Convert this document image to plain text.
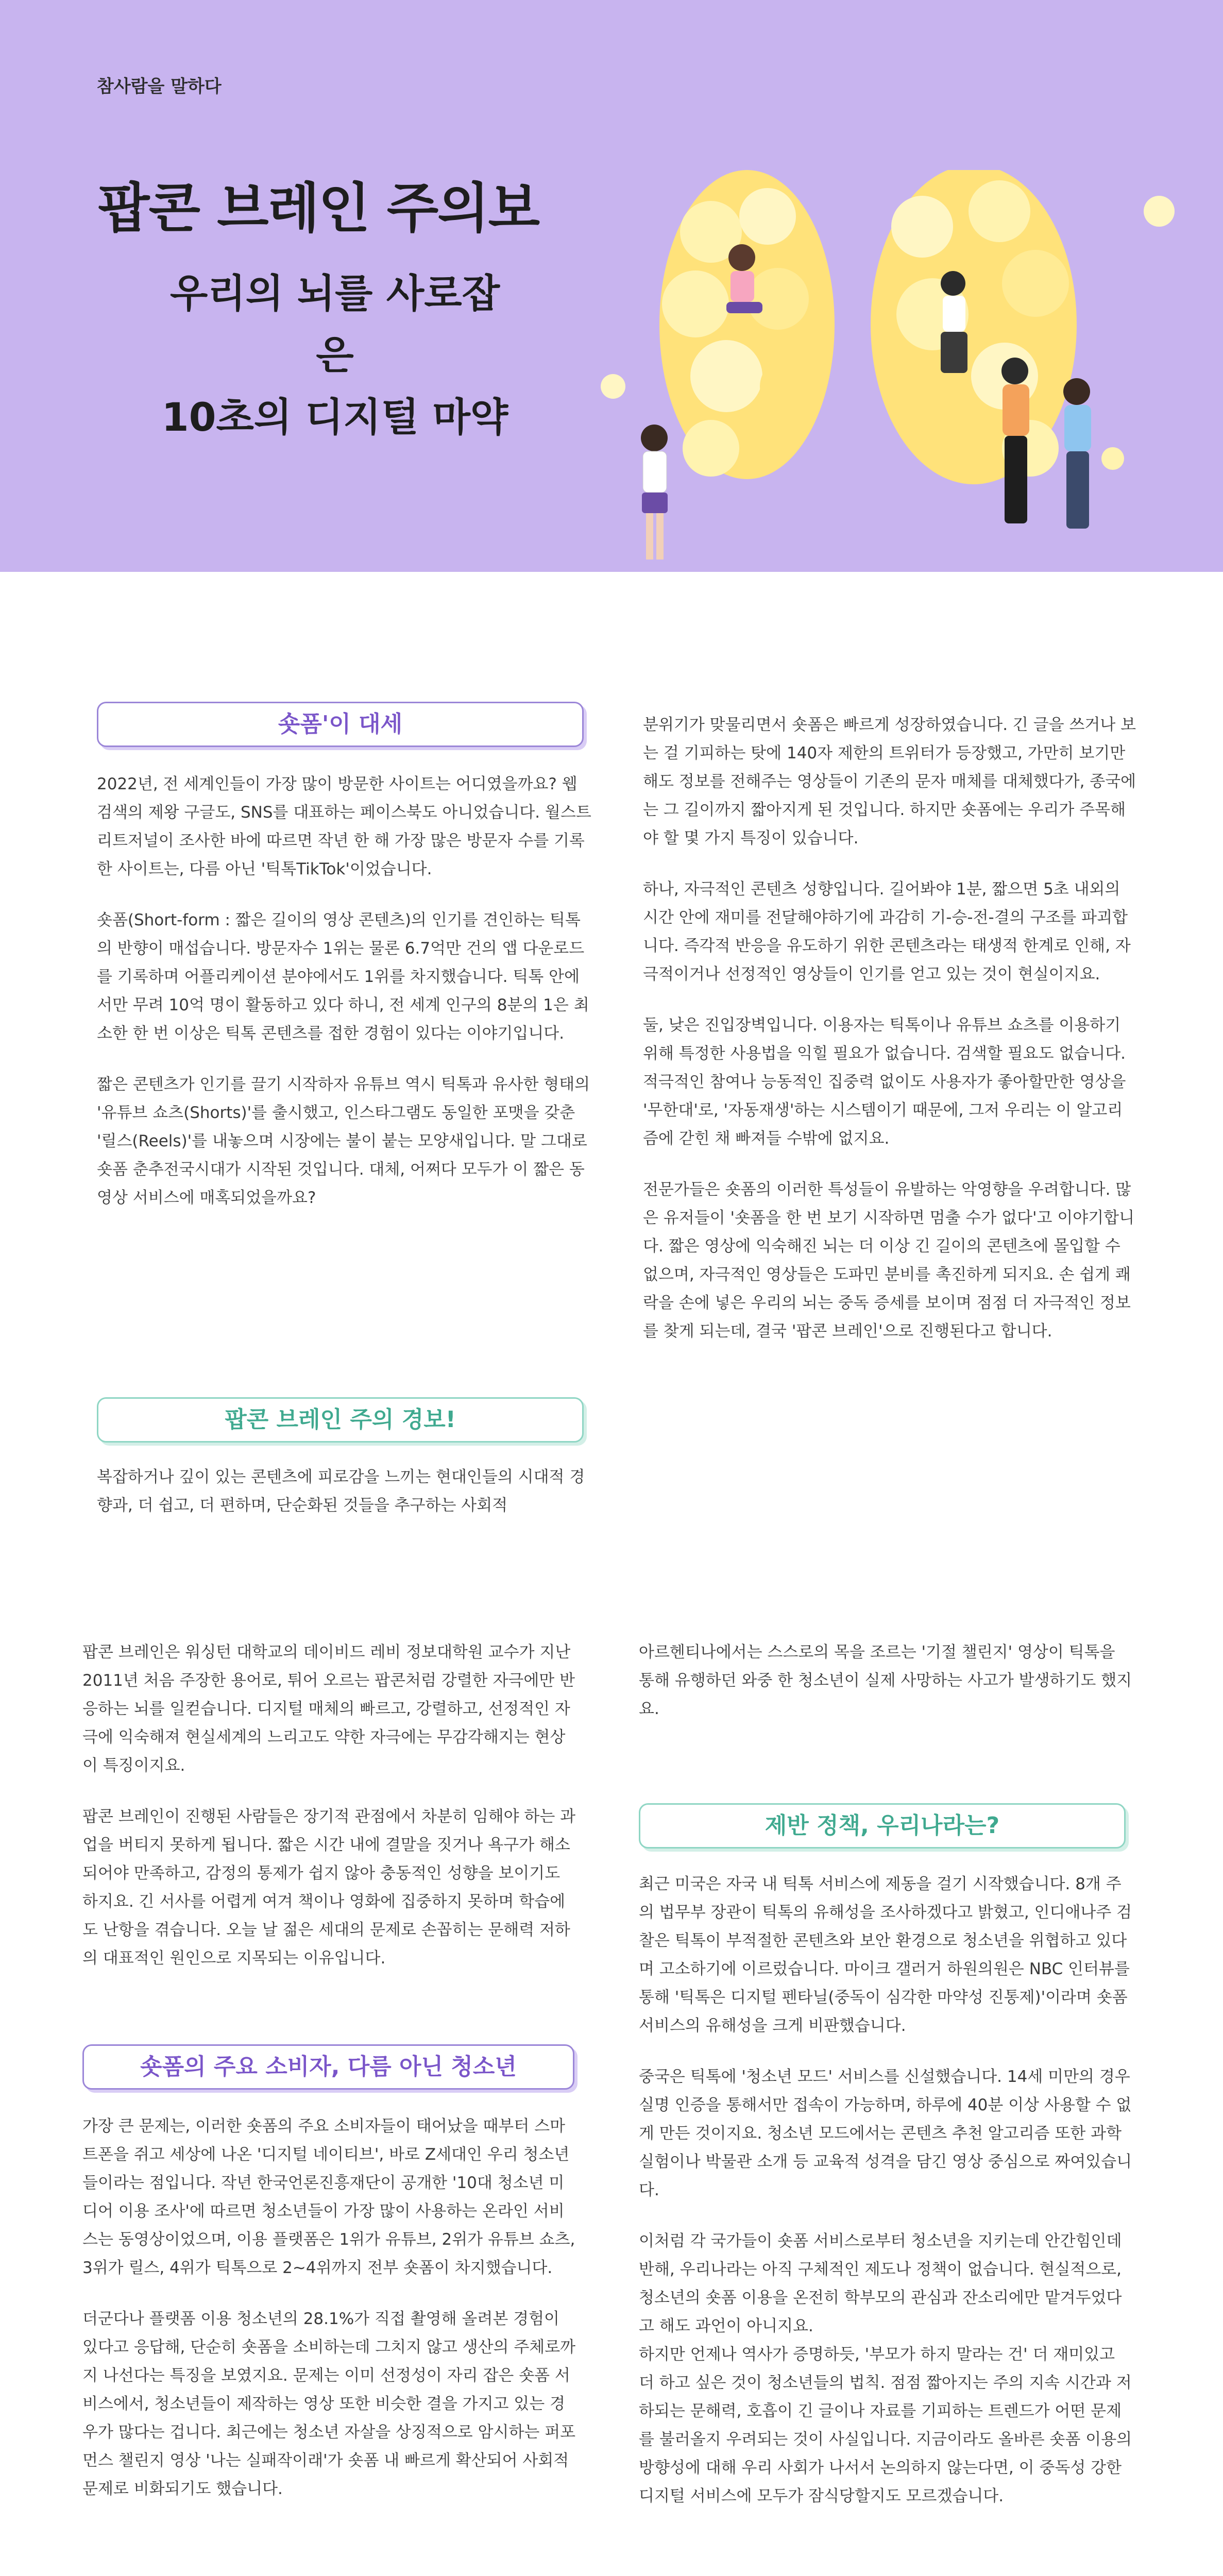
참사람을 말하다
팝콘 브레인 주의보
우리의 뇌를 사로잡은
10초의 디지털 마약
숏폼'이 대세

2022년, 전 세계인들이 가장 많이 방문한 사이트는 어디였을까요? 웹 검색의 제왕 구글도, SNS를 대표하는 페이스북도 아니었습니다. 월스트리트저널이 조사한 바에 따르면 작년 한 해 가장 많은 방문자 수를 기록한 사이트는, 다름 아닌 '틱톡TikTok'이었습니다.

숏폼(Short-form : 짧은 길이의 영상 콘텐츠)의 인기를 견인하는 틱톡의 반향이 매섭습니다. 방문자수 1위는 물론 6.7억만 건의 앱 다운로드를 기록하며 어플리케이션 분야에서도 1위를 차지했습니다. 틱톡 안에서만 무려 10억 명이 활동하고 있다 하니, 전 세계 인구의 8분의 1은 최소한 한 번 이상은 틱톡 콘텐츠를 접한 경험이 있다는 이야기입니다.

짧은 콘텐츠가 인기를 끌기 시작하자 유튜브 역시 틱톡과 유사한 형태의 '유튜브 쇼츠(Shorts)'를 출시했고, 인스타그램도 동일한 포맷을 갖춘 '릴스(Reels)'를 내놓으며 시장에는 불이 붙는 모양새입니다. 말 그대로 숏폼 춘추전국시대가 시작된 것입니다. 대체, 어쩌다 모두가 이 짧은 동영상 서비스에 매혹되었을까요?

팝콘 브레인 주의 경보!

복잡하거나 깊이 있는 콘텐츠에 피로감을 느끼는 현대인들의 시대적 경향과, 더 쉽고, 더 편하며, 단순화된 것들을 추구하는 사회적

분위기가 맞물리면서 숏폼은 빠르게 성장하였습니다. 긴 글을 쓰거나 보는 걸 기피하는 탓에 140자 제한의 트위터가 등장했고, 가만히 보기만 해도 정보를 전해주는 영상들이 기존의 문자 매체를 대체했다가, 종국에는 그 길이까지 짧아지게 된 것입니다. 하지만 숏폼에는 우리가 주목해야 할 몇 가지 특징이 있습니다.

하나, 자극적인 콘텐츠 성향입니다. 길어봐야 1분, 짧으면 5초 내외의 시간 안에 재미를 전달해야하기에 과감히 기-승-전-결의 구조를 파괴합니다. 즉각적 반응을 유도하기 위한 콘텐츠라는 태생적 한계로 인해, 자극적이거나 선정적인 영상들이 인기를 얻고 있는 것이 현실이지요.

둘, 낮은 진입장벽입니다. 이용자는 틱톡이나 유튜브 쇼츠를 이용하기 위해 특정한 사용법을 익힐 필요가 없습니다. 검색할 필요도 없습니다. 적극적인 참여나 능동적인 집중력 없이도 사용자가 좋아할만한 영상을 '무한대'로, '자동재생'하는 시스템이기 때문에, 그저 우리는 이 알고리즘에 갇힌 채 빠져들 수밖에 없지요.

전문가들은 숏폼의 이러한 특성들이 유발하는 악영향을 우려합니다. 많은 유저들이 '숏폼을 한 번 보기 시작하면 멈출 수가 없다'고 이야기합니다. 짧은 영상에 익숙해진 뇌는 더 이상 긴 길이의 콘텐츠에 몰입할 수 없으며, 자극적인 영상들은 도파민 분비를 촉진하게 되지요. 손 쉽게 쾌락을 손에 넣은 우리의 뇌는 중독 증세를 보이며 점점 더 자극적인 정보를 찾게 되는데, 결국 '팝콘 브레인'으로 진행된다고 합니다.

팝콘 브레인은 워싱턴 대학교의 데이비드 레비 정보대학원 교수가 지난 2011년 처음 주장한 용어로, 튀어 오르는 팝콘처럼 강렬한 자극에만 반응하는 뇌를 일컫습니다. 디지털 매체의 빠르고, 강렬하고, 선정적인 자극에 익숙해져 현실세계의 느리고도 약한 자극에는 무감각해지는 현상이 특징이지요.

팝콘 브레인이 진행된 사람들은 장기적 관점에서 차분히 임해야 하는 과업을 버티지 못하게 됩니다. 짧은 시간 내에 결말을 짓거나 욕구가 해소되어야 만족하고, 감정의 통제가 쉽지 않아 충동적인 성향을 보이기도 하지요. 긴 서사를 어렵게 여겨 책이나 영화에 집중하지 못하며 학습에도 난항을 겪습니다. 오늘 날 젊은 세대의 문제로 손꼽히는 문해력 저하의 대표적인 원인으로 지목되는 이유입니다.

숏폼의 주요 소비자, 다름 아닌 청소년

가장 큰 문제는, 이러한 숏폼의 주요 소비자들이 태어났을 때부터 스마트폰을 쥐고 세상에 나온 '디지털 네이티브', 바로 Z세대인 우리 청소년들이라는 점입니다. 작년 한국언론진흥재단이 공개한 '10대 청소년 미디어 이용 조사'에 따르면 청소년들이 가장 많이 사용하는 온라인 서비스는 동영상이었으며, 이용 플랫폼은 1위가 유튜브, 2위가 유튜브 쇼츠, 3위가 릴스, 4위가 틱톡으로 2~4위까지 전부 숏폼이 차지했습니다.

더군다나 플랫폼 이용 청소년의 28.1%가 직접 촬영해 올려본 경험이 있다고 응답해, 단순히 숏폼을 소비하는데 그치지 않고 생산의 주체로까지 나선다는 특징을 보였지요. 문제는 이미 선정성이 자리 잡은 숏폼 서비스에서, 청소년들이 제작하는 영상 또한 비슷한 결을 가지고 있는 경우가 많다는 겁니다. 최근에는 청소년 자살을 상징적으로 암시하는 퍼포먼스 챌린지 영상 '나는 실패작이래'가 숏폼 내 빠르게 확산되어 사회적 문제로 비화되기도 했습니다.

아르헨티나에서는 스스로의 목을 조르는 '기절 챌린지' 영상이 틱톡을 통해 유행하던 와중 한 청소년이 실제 사망하는 사고가 발생하기도 했지요.

제반 정책, 우리나라는?

최근 미국은 자국 내 틱톡 서비스에 제동을 걸기 시작했습니다. 8개 주의 법무부 장관이 틱톡의 유해성을 조사하겠다고 밝혔고, 인디애나주 검찰은 틱톡이 부적절한 콘텐츠와 보안 환경으로 청소년을 위협하고 있다며 고소하기에 이르렀습니다. 마이크 갤러거 하원의원은 NBC 인터뷰를 통해 '틱톡은 디지털 펜타닐(중독이 심각한 마약성 진통제)'이라며 숏폼 서비스의 유해성을 크게 비판했습니다.

중국은 틱톡에 '청소년 모드' 서비스를 신설했습니다. 14세 미만의 경우 실명 인증을 통해서만 접속이 가능하며, 하루에 40분 이상 사용할 수 없게 만든 것이지요. 청소년 모드에서는 콘텐츠 추천 알고리즘 또한 과학 실험이나 박물관 소개 등 교육적 성격을 담긴 영상 중심으로 짜여있습니다.

이처럼 각 국가들이 숏폼 서비스로부터 청소년을 지키는데 안간힘인데 반해, 우리나라는 아직 구체적인 제도나 정책이 없습니다. 현실적으로, 청소년의 숏폼 이용을 온전히 학부모의 관심과 잔소리에만 맡겨두었다고 해도 과언이 아니지요.

하지만 언제나 역사가 증명하듯, '부모가 하지 말라는 건' 더 재미있고 더 하고 싶은 것이 청소년들의 법칙. 점점 짧아지는 주의 지속 시간과 저하되는 문해력, 호흡이 긴 글이나 자료를 기피하는 트렌드가 어떤 문제를 불러올지 우려되는 것이 사실입니다. 지금이라도 올바른 숏폼 이용의 방향성에 대해 우리 사회가 나서서 논의하지 않는다면, 이 중독성 강한 디지털 서비스에 모두가 잠식당할지도 모르겠습니다.
